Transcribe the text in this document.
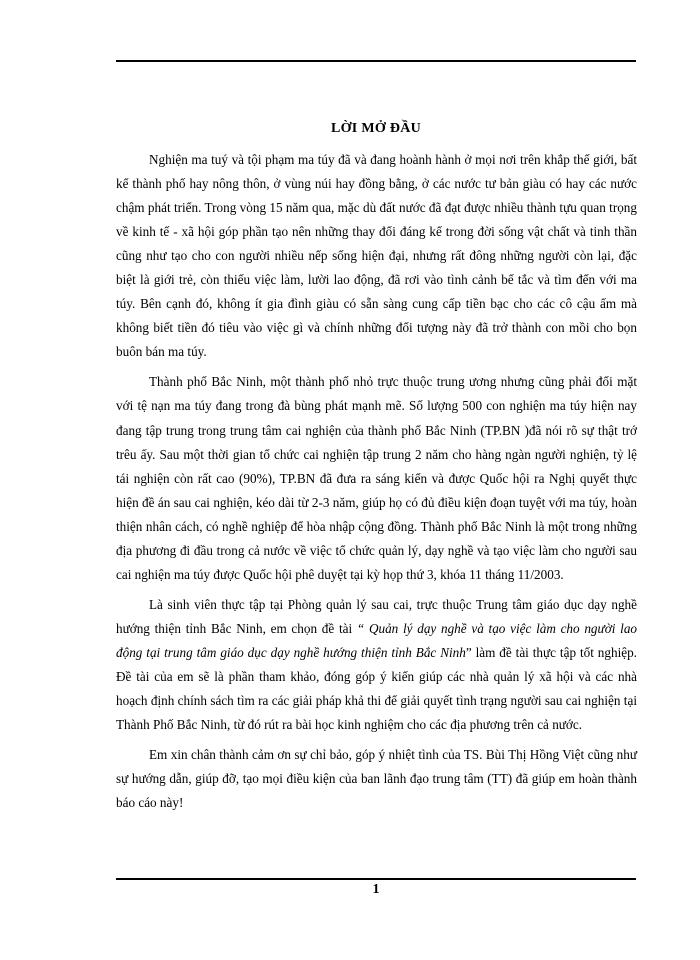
LỜI MỞ ĐẦU

Nghiện ma tuý và tội phạm ma túy đã và đang hoành hành ở mọi nơi trên khắp thế giới, bất kể thành phố hay nông thôn, ở vùng núi hay đồng bằng, ở các nước tư bản giàu có hay các nước chậm phát triển. Trong vòng 15 năm qua, mặc dù đất nước đã đạt được nhiều thành tựu quan trọng về kinh tế - xã hội góp phần tạo nên những thay đổi đáng kể trong đời sống vật chất và tinh thần cũng như tạo cho con người nhiều nếp sống hiện đại, nhưng rất đông những người còn lại, đặc biệt là giới trẻ, còn thiếu việc làm, lười lao động, đã rơi vào tình cảnh bế tắc và tìm đến với ma túy. Bên cạnh đó, không ít gia đình giàu có sẵn sàng cung cấp tiền bạc cho các cô cậu ấm mà không biết tiền đó tiêu vào việc gì và chính những đối tượng này đã trở thành con mồi cho bọn buôn bán ma túy.

Thành phố Bắc Ninh, một thành phố nhỏ trực thuộc trung ương nhưng cũng phải đối mặt với tệ nạn ma túy đang trong đà bùng phát mạnh mẽ. Số lượng 500 con nghiện ma túy hiện nay đang tập trung trong trung tâm cai nghiện của thành phố Bắc Ninh (TP.BN )đã nói rõ sự thật trớ trêu ấy. Sau một thời gian tổ chức cai nghiện tập trung 2 năm cho hàng ngàn người nghiện, tỷ lệ tái nghiện còn rất cao (90%), TP.BN đã đưa ra sáng kiến và được Quốc hội ra Nghị quyết thực hiện đề án sau cai nghiện, kéo dài từ 2-3 năm, giúp họ có đủ điều kiện đoạn tuyệt với ma túy, hoàn thiện nhân cách, có nghề nghiệp để hòa nhập cộng đồng. Thành phố Bắc Ninh là một trong những địa phương đi đầu trong cả nước về việc tổ chức quản lý, dạy nghề và tạo việc làm cho người sau cai nghiện ma túy được Quốc hội phê duyệt tại kỳ họp thứ 3, khóa 11 tháng 11/2003.

Là sinh viên thực tập tại Phòng quản lý sau cai, trực thuộc Trung tâm giáo dục dạy nghề hướng thiện tỉnh Bắc Ninh, em chọn đề tài “ Quản lý dạy nghề và tạo việc làm cho người lao động tại trung tâm giáo dục dạy nghề hướng thiện tỉnh Bắc Ninh” làm đề tài thực tập tốt nghiệp. Đề tài của em sẽ là phần tham khảo, đóng góp ý kiến giúp các nhà quản lý xã hội và các nhà hoạch định chính sách tìm ra các giải pháp khả thi để giải quyết tình trạng người sau cai nghiện tại Thành Phố Bắc Ninh, từ đó rút ra bài học kinh nghiệm cho các địa phương trên cả nước.

Em xin chân thành cảm ơn sự chỉ bảo, góp ý nhiệt tình của TS. Bùi Thị Hồng Việt cũng như sự hướng dẫn, giúp đỡ, tạo mọi điều kiện của ban lãnh đạo trung tâm (TT) đã giúp em hoàn thành báo cáo này!

1
